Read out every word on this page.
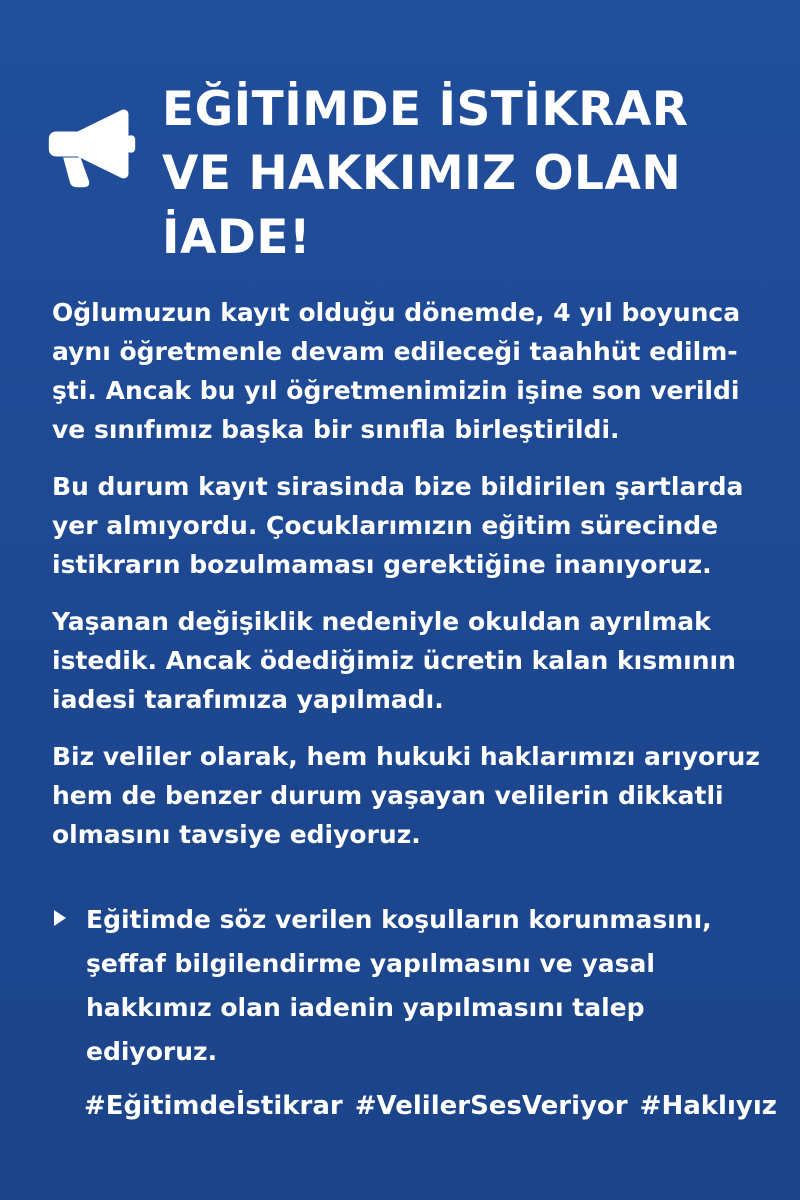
EĞİTİMDE İSTİKRAR
VE HAKKIMIZ OLAN
İADE!

Oğlumuzun kayıt olduğu dönemde, 4 yıl boyunca
aynı öğretmenle devam edileceği taahhüt edilm-
şti. Ancak bu yıl öğretmenimizin işine son verildi
ve sınıfımız başka bir sınıfla birleştirildi.

Bu durum kayıt sirasinda bize bildirilen şartlarda
yer almıyordu. Çocuklarımızın eğitim sürecinde
istikrarın bozulmaması gerektiğine inanıyoruz.

Yaşanan değişiklik nedeniyle okuldan ayrılmak
istedik. Ancak ödediğimiz ücretin kalan kısmının
iadesi tarafımıza yapılmadı.

Biz veliler olarak, hem hukuki haklarımızı arıyoruz
hem de benzer durum yaşayan velilerin dikkatli
olmasını tavsiye ediyoruz.

Eğitimde söz verilen koşulların korunmasını,
şeffaf bilgilendirme yapılmasını ve yasal
hakkımız olan iadenin yapılmasını talep
ediyoruz.
#Eğitimdeİstikrar #VelilerSesVeriyor #Haklıyız
